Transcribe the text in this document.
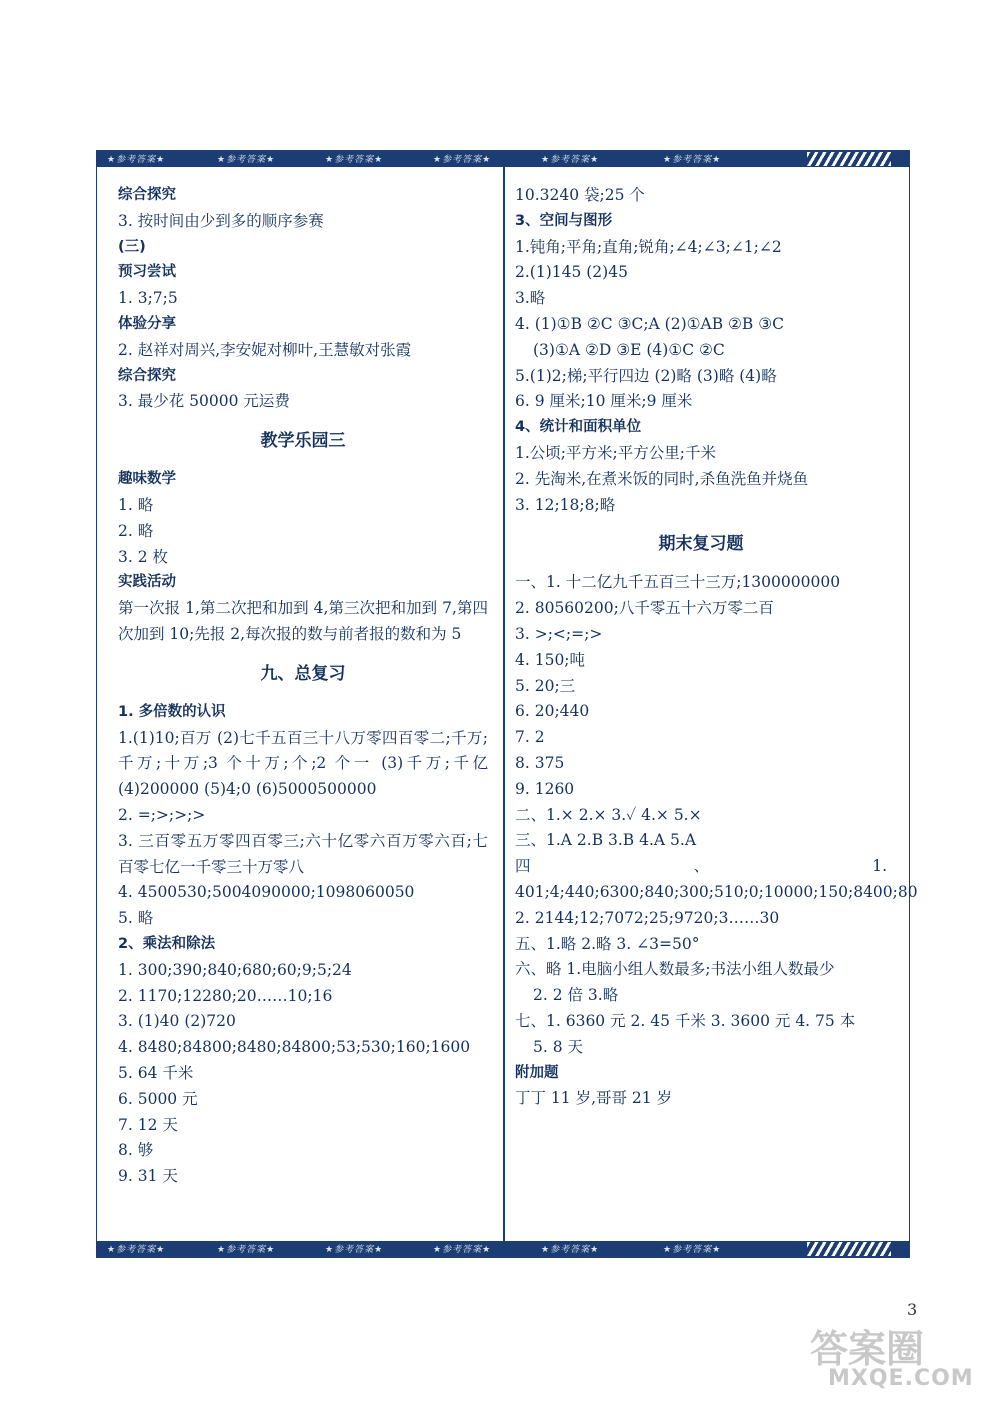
★参考答案★	★参考答案★	★参考答案★	★参考答案★	★参考答案★	★参考答案★
综合探究
3. 按时间由少到多的顺序参赛
(三)
预习尝试
1. 3;7;5
体验分享
2. 赵祥对周兴,李安妮对柳叶,王慧敏对张霞
综合探究
3. 最少花 50000 元运费
教学乐园三
趣味数学
1. 略
2. 略
3. 2 枚
实践活动
第一次报 1,第二次把和加到 4,第三次把和加到 7,第四次加到 10;先报 2,每次报的数与前者报的数和为 5
九、总复习
1. 多倍数的认识
1.(1)10;百万 (2)七千五百三十八万零四百零二;千万;千万;十万;3 个十万;个;2 个一 (3)千万;千亿 (4)200000 (5)4;0 (6)5000500000
2. =;>;>;>
3. 三百零五万零四百零三;六十亿零六百万零六百;七百零七亿一千零三十万零八
4. 4500530;5004090000;1098060050
5. 略
2、乘法和除法
1. 300;390;840;680;60;9;5;24
2. 1170;12280;20……10;16
3. (1)40 (2)720
4. 8480;84800;8480;84800;53;530;160;1600
5. 64 千米
6. 5000 元
7. 12 天
8. 够
9. 31 天
10.3240 袋;25 个
3、空间与图形
1.钝角;平角;直角;锐角;∠4;∠3;∠1;∠2
2.(1)145 (2)45
3.略
4. (1)①B ②C ③C;A (2)①AB ②B ③C
(3)①A ②D ③E (4)①C ②C
5.(1)2;梯;平行四边 (2)略 (3)略 (4)略
6. 9 厘米;10 厘米;9 厘米
4、统计和面积单位
1.公顷;平方米;平方公里;千米
2. 先淘米,在煮米饭的同时,杀鱼洗鱼并烧鱼
3. 12;18;8;略
期末复习题
一、1. 十二亿九千五百三十三万;1300000000
2. 80560200;八千零五十六万零二百
3. >;<;=;>
4. 150;吨
5. 20;三
6. 20;440
7. 2
8. 375
9. 1260
二、1.× 2.× 3.✓ 4.× 5.×
三、1.A 2.B 3.B 4.A 5.A
四、1. 401;4;440;6300;840;300;510;0;10000;150;8400;80
2. 2144;12;7072;25;9720;3……30
五、1.略 2.略 3. ∠3=50°
六、略 1.电脑小组人数最多;书法小组人数最少
2. 2 倍 3.略
七、1. 6360 元 2. 45 千米 3. 3600 元 4. 75 本
5. 8 天
附加题
丁丁 11 岁,哥哥 21 岁
★参考答案★	★参考答案★	★参考答案★	★参考答案★	★参考答案★	★参考答案★
3
答案圈
MXQE.COM
